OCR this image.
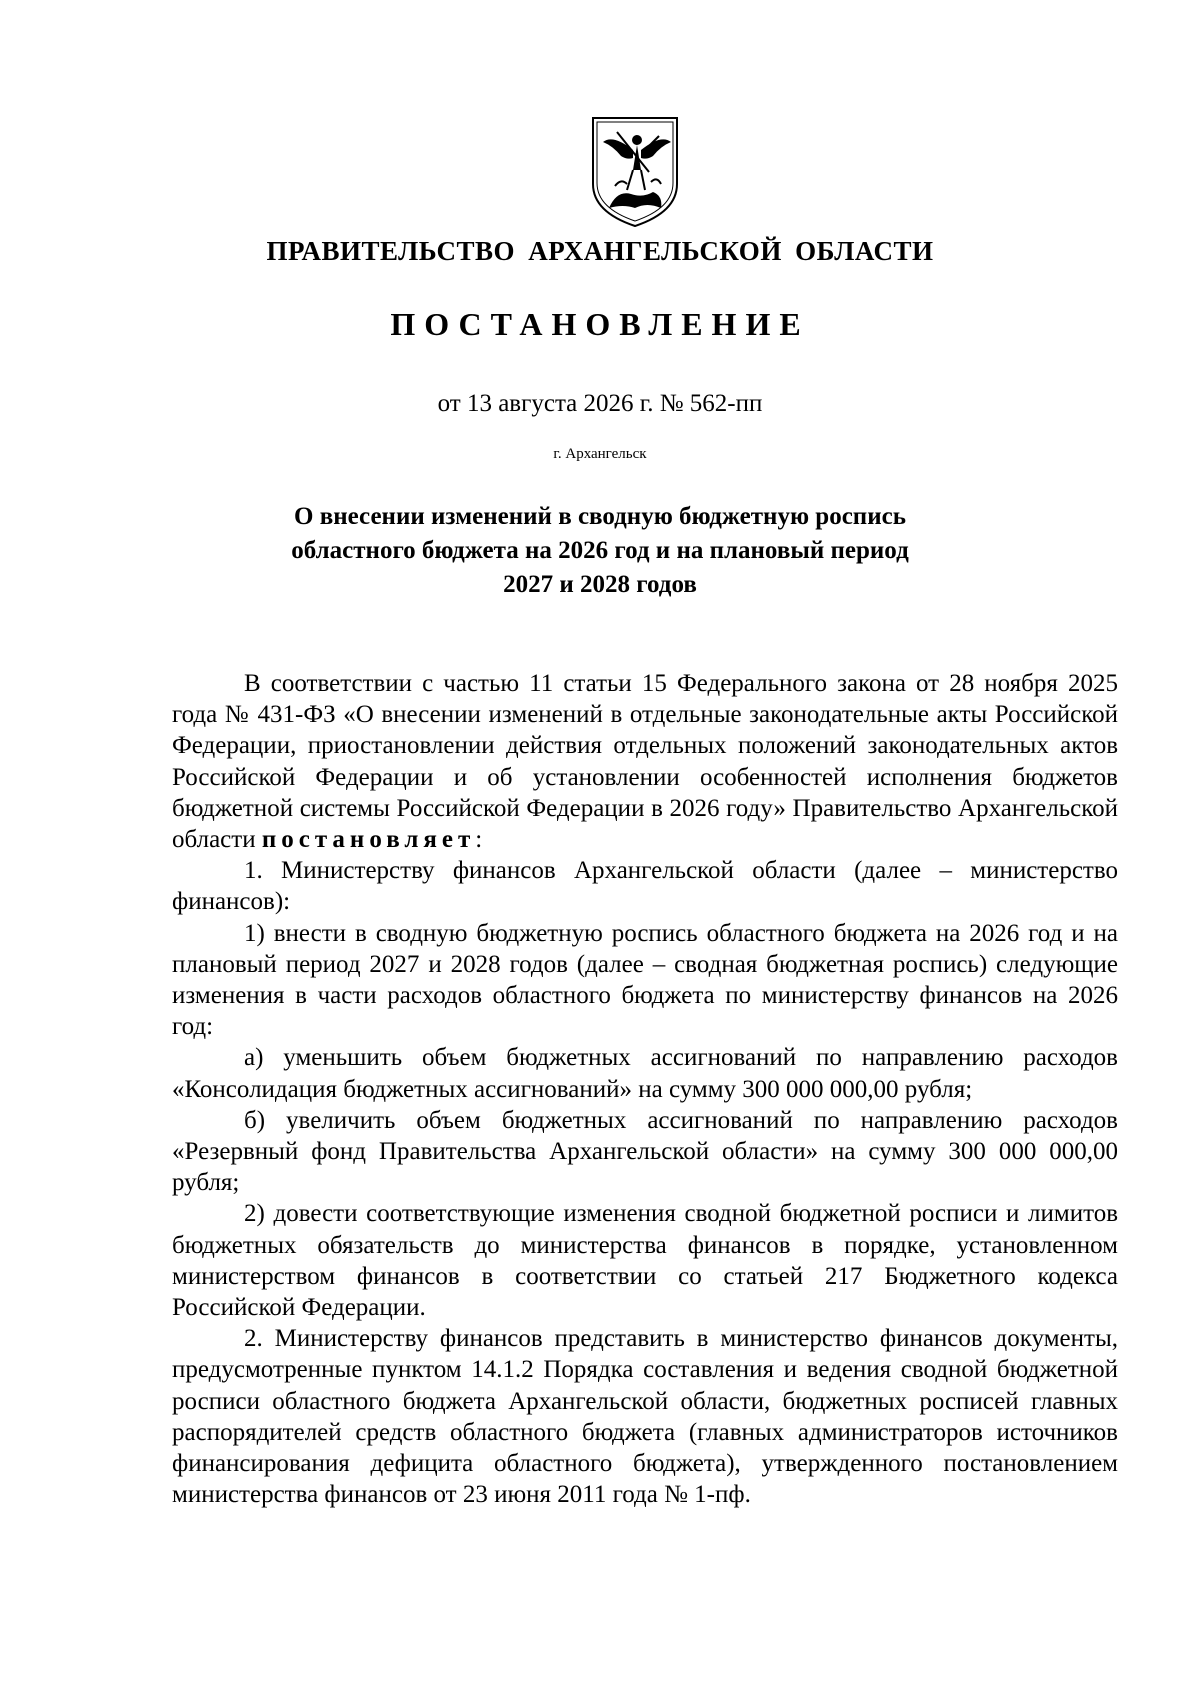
ПРАВИТЕЛЬСТВО АРХАНГЕЛЬСКОЙ ОБЛАСТИ
ПОСТАНОВЛЕНИЕ
от 13 августа 2026 г. № 562-пп
г. Архангельск
О внесении изменений в сводную бюджетную роспись
областного бюджета на 2026 год и на плановый период
2027 и 2028 годов

В соответствии с частью 11 статьи 15 Федерального закона от 28 ноября 2025 года № 431-ФЗ «О внесении изменений в отдельные законодательные акты Российской Федерации, приостановлении действия отдельных положений законодательных актов Российской Федерации и об установлении особенностей исполнения бюджетов бюджетной системы Российской Федерации в 2026 году» Правительство Архангельской области постановляет:

1. Министерству финансов Архангельской области (далее – министерство финансов):

1) внести в сводную бюджетную роспись областного бюджета на 2026 год и на плановый период 2027 и 2028 годов (далее – сводная бюджетная роспись) следующие изменения в части расходов областного бюджета по министерству финансов на 2026 год:

а) уменьшить объем бюджетных ассигнований по направлению расходов «Консолидация бюджетных ассигнований» на сумму 300 000 000,00 рубля;

б) увеличить объем бюджетных ассигнований по направлению расходов «Резервный фонд Правительства Архангельской области» на сумму 300 000 000,00 рубля;

2) довести соответствующие изменения сводной бюджетной росписи и лимитов бюджетных обязательств до министерства финансов в порядке, установленном министерством финансов в соответствии со статьей 217 Бюджетного кодекса Российской Федерации.

2. Министерству финансов представить в министерство финансов документы, предусмотренные пунктом 14.1.2 Порядка составления и ведения сводной бюджетной росписи областного бюджета Архангельской области, бюджетных росписей главных распорядителей средств областного бюджета (главных администраторов источников финансирования дефицита областного бюджета), утвержденного постановлением министерства финансов от 23 июня 2011 года № 1-пф.
